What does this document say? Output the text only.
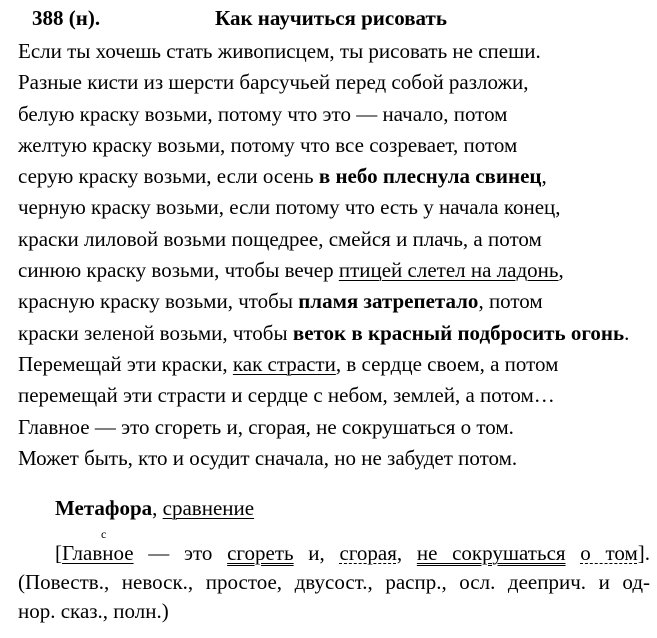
388 (н).	Как научиться рисовать
Если ты хочешь стать живописцем, ты рисовать не спеши.
Разные кисти из шерсти барсучьей перед собой разложи,
белую краску возьми, потому что это — начало, потом
желтую краску возьми, потому что все созревает, потом
серую краску возьми, если осень в небо плеснула свинец,
черную краску возьми, если потому что есть у начала конец,
краски лиловой возьми пощедрее, смейся и плачь, а потом
синюю краску возьми, чтобы вечер птицей слетел на ладонь,
красную краску возьми, чтобы пламя затрепетало, потом
краски зеленой возьми, чтобы веток в красный подбросить огонь.
Перемещай эти краски, как страсти, в сердце своем, а потом
перемещай эти страсти и сердце с небом, землей, а потом…
Главное — это сгореть и, сгорая, не сокрушаться о том.
Может быть, кто и осудит сначала, но не забудет потом.
Метафора, сравнение
с
[Главное — это сгореть и, сгорая, не сокрушаться о том].
(Повеств., невоск., простое, двусост., распр., осл. дееприч. и од-
нор. сказ., полн.)
